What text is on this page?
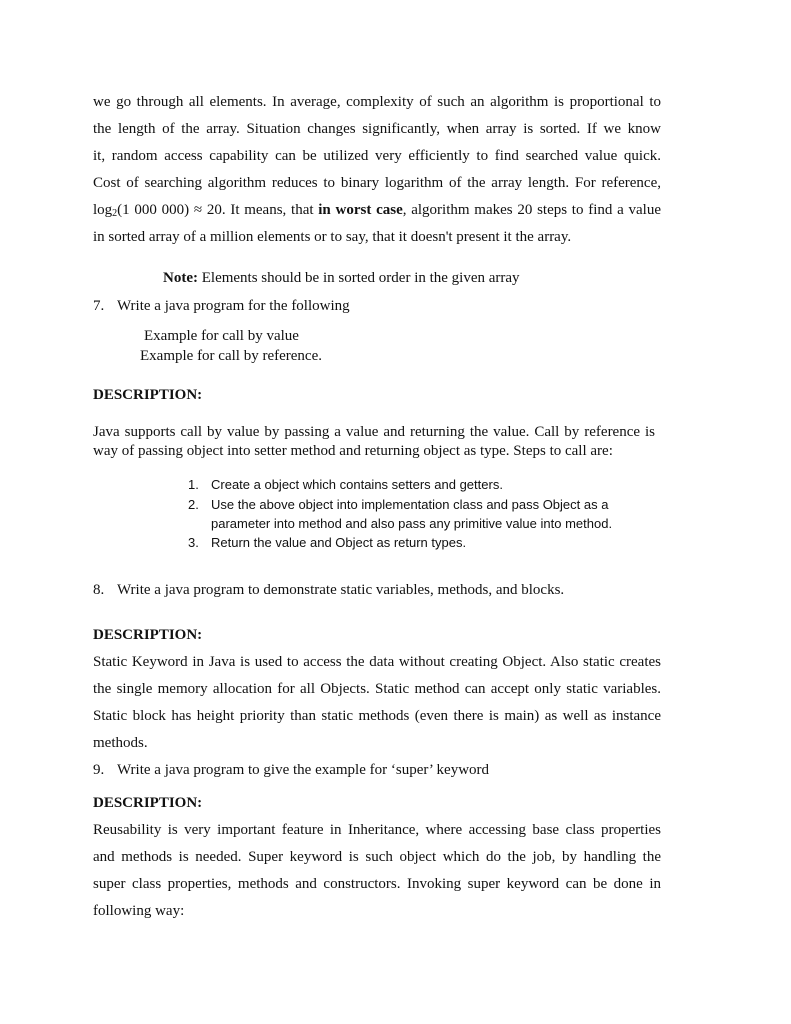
we go through all elements. In average, complexity of such an algorithm is proportional to
the length of the array. Situation changes significantly, when array is sorted. If we know
it, random access capability can be utilized very efficiently to find searched value quick.
Cost of searching algorithm reduces to binary logarithm of the array length. For reference,
$\log_2(1$ 000 000) ≈ 20. It means, that in worst case, algorithm makes 20 steps to find a value
in sorted array of a million elements or to say, that it doesn't present it the array.
Note: Elements should be in sorted order in the given array
7. Write a java program for the following
Example for call by value
Example for call by reference.
DESCRIPTION:
Java supports call by value by passing a value and returning the value. Call by reference is
way of passing object into setter method and returning object as type. Steps to call are:
1. Create a object which contains setters and getters.
2. Use the above object into implementation class and pass Object as a
parameter into method and also pass any primitive value into method.
3. Return the value and Object as return types.
8. Write a java program to demonstrate static variables, methods, and blocks.
DESCRIPTION:
Static Keyword in Java is used to access the data without creating Object. Also static creates
the single memory allocation for all Objects. Static method can accept only static variables.
Static block has height priority than static methods (even there is main) as well as instance
methods.
9. Write a java program to give the example for ‘super’ keyword
DESCRIPTION:
Reusability is very important feature in Inheritance, where accessing base class properties
and methods is needed. Super keyword is such object which do the job, by handling the
super class properties, methods and constructors. Invoking super keyword can be done in
following way:
